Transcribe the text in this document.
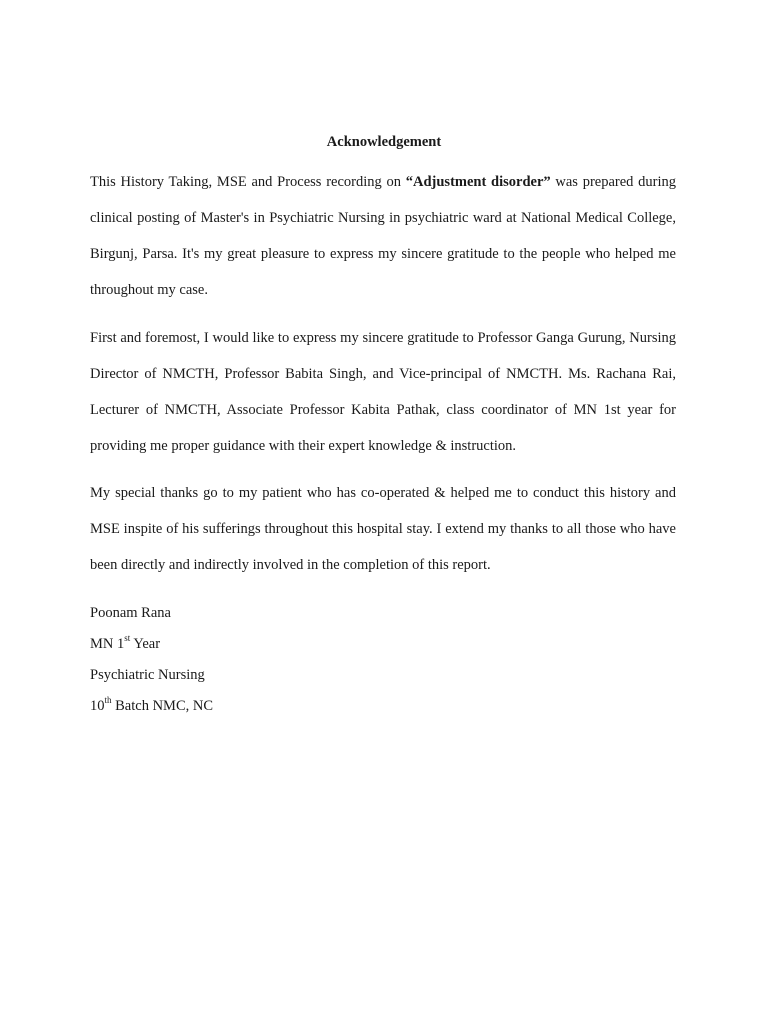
Acknowledgement

This History Taking, MSE and Process recording on “Adjustment disorder” was prepared during clinical posting of Master's in Psychiatric Nursing in psychiatric ward at National Medical College, Birgunj, Parsa. It's my great pleasure to express my sincere gratitude to the people who helped me throughout my case.

First and foremost, I would like to express my sincere gratitude to Professor Ganga Gurung, Nursing Director of NMCTH, Professor Babita Singh, and Vice-principal of NMCTH. Ms. Rachana Rai, Lecturer of NMCTH, Associate Professor Kabita Pathak, class coordinator of MN 1st year for providing me proper guidance with their expert knowledge & instruction.

My special thanks go to my patient who has co-operated & helped me to conduct this history and MSE inspite of his sufferings throughout this hospital stay. I extend my thanks to all those who have been directly and indirectly involved in the completion of this report.

Poonam Rana
MN 1st Year
Psychiatric Nursing
10th Batch NMC, NC
